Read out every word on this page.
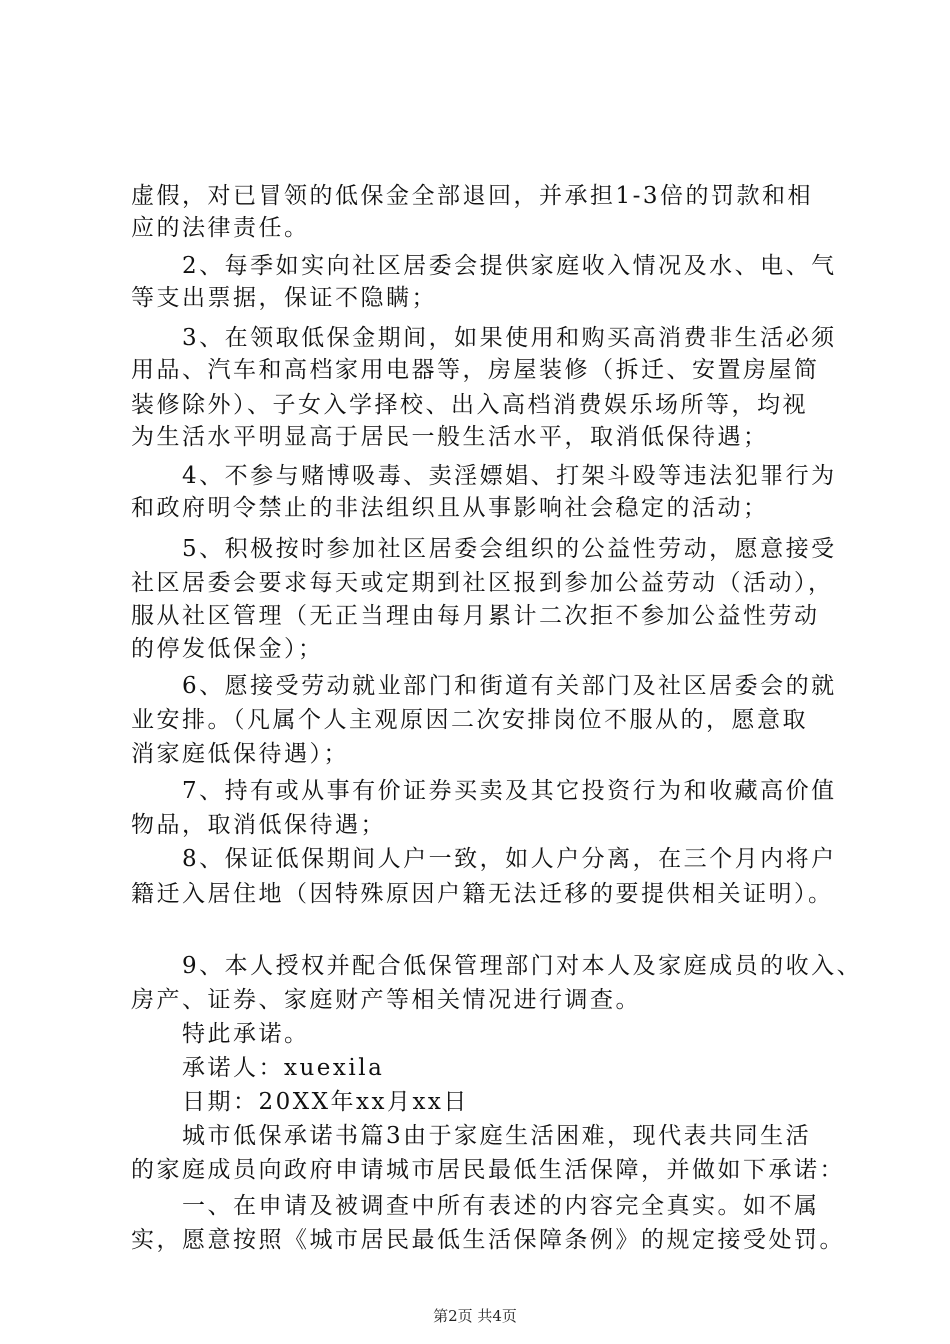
虚假，对已冒领的低保金全部退回，并承担1-3倍的罚款和相
应的法律责任。
　　2、每季如实向社区居委会提供家庭收入情况及水、电、气
等支出票据，保证不隐瞒；
　　3、在领取低保金期间，如果使用和购买高消费非生活必须
用品、汽车和高档家用电器等，房屋装修（拆迁、安置房屋简
装修除外）、子女入学择校、出入高档消费娱乐场所等，均视
为生活水平明显高于居民一般生活水平，取消低保待遇；
　　4、不参与赌博吸毒、卖淫嫖娼、打架斗殴等违法犯罪行为
和政府明令禁止的非法组织且从事影响社会稳定的活动；
　　5、积极按时参加社区居委会组织的公益性劳动，愿意接受
社区居委会要求每天或定期到社区报到参加公益劳动（活动），
服从社区管理（无正当理由每月累计二次拒不参加公益性劳动
的停发低保金）；
　　6、愿接受劳动就业部门和街道有关部门及社区居委会的就
业安排。（凡属个人主观原因二次安排岗位不服从的，愿意取
消家庭低保待遇）；
　　7、持有或从事有价证券买卖及其它投资行为和收藏高价值
物品，取消低保待遇；
　　8、保证低保期间人户一致，如人户分离，在三个月内将户
籍迁入居住地（因特殊原因户籍无法迁移的要提供相关证明）。
　　9、本人授权并配合低保管理部门对本人及家庭成员的收入、
房产、证券、家庭财产等相关情况进行调查。
　　特此承诺。
　　承诺人：xuexila
　　日期：20XX年xx月xx日
　　城市低保承诺书篇3由于家庭生活困难，现代表共同生活
的家庭成员向政府申请城市居民最低生活保障，并做如下承诺：
　　一、在申请及被调查中所有表述的内容完全真实。如不属
实，愿意按照《城市居民最低生活保障条例》的规定接受处罚。
第2页 共4页
